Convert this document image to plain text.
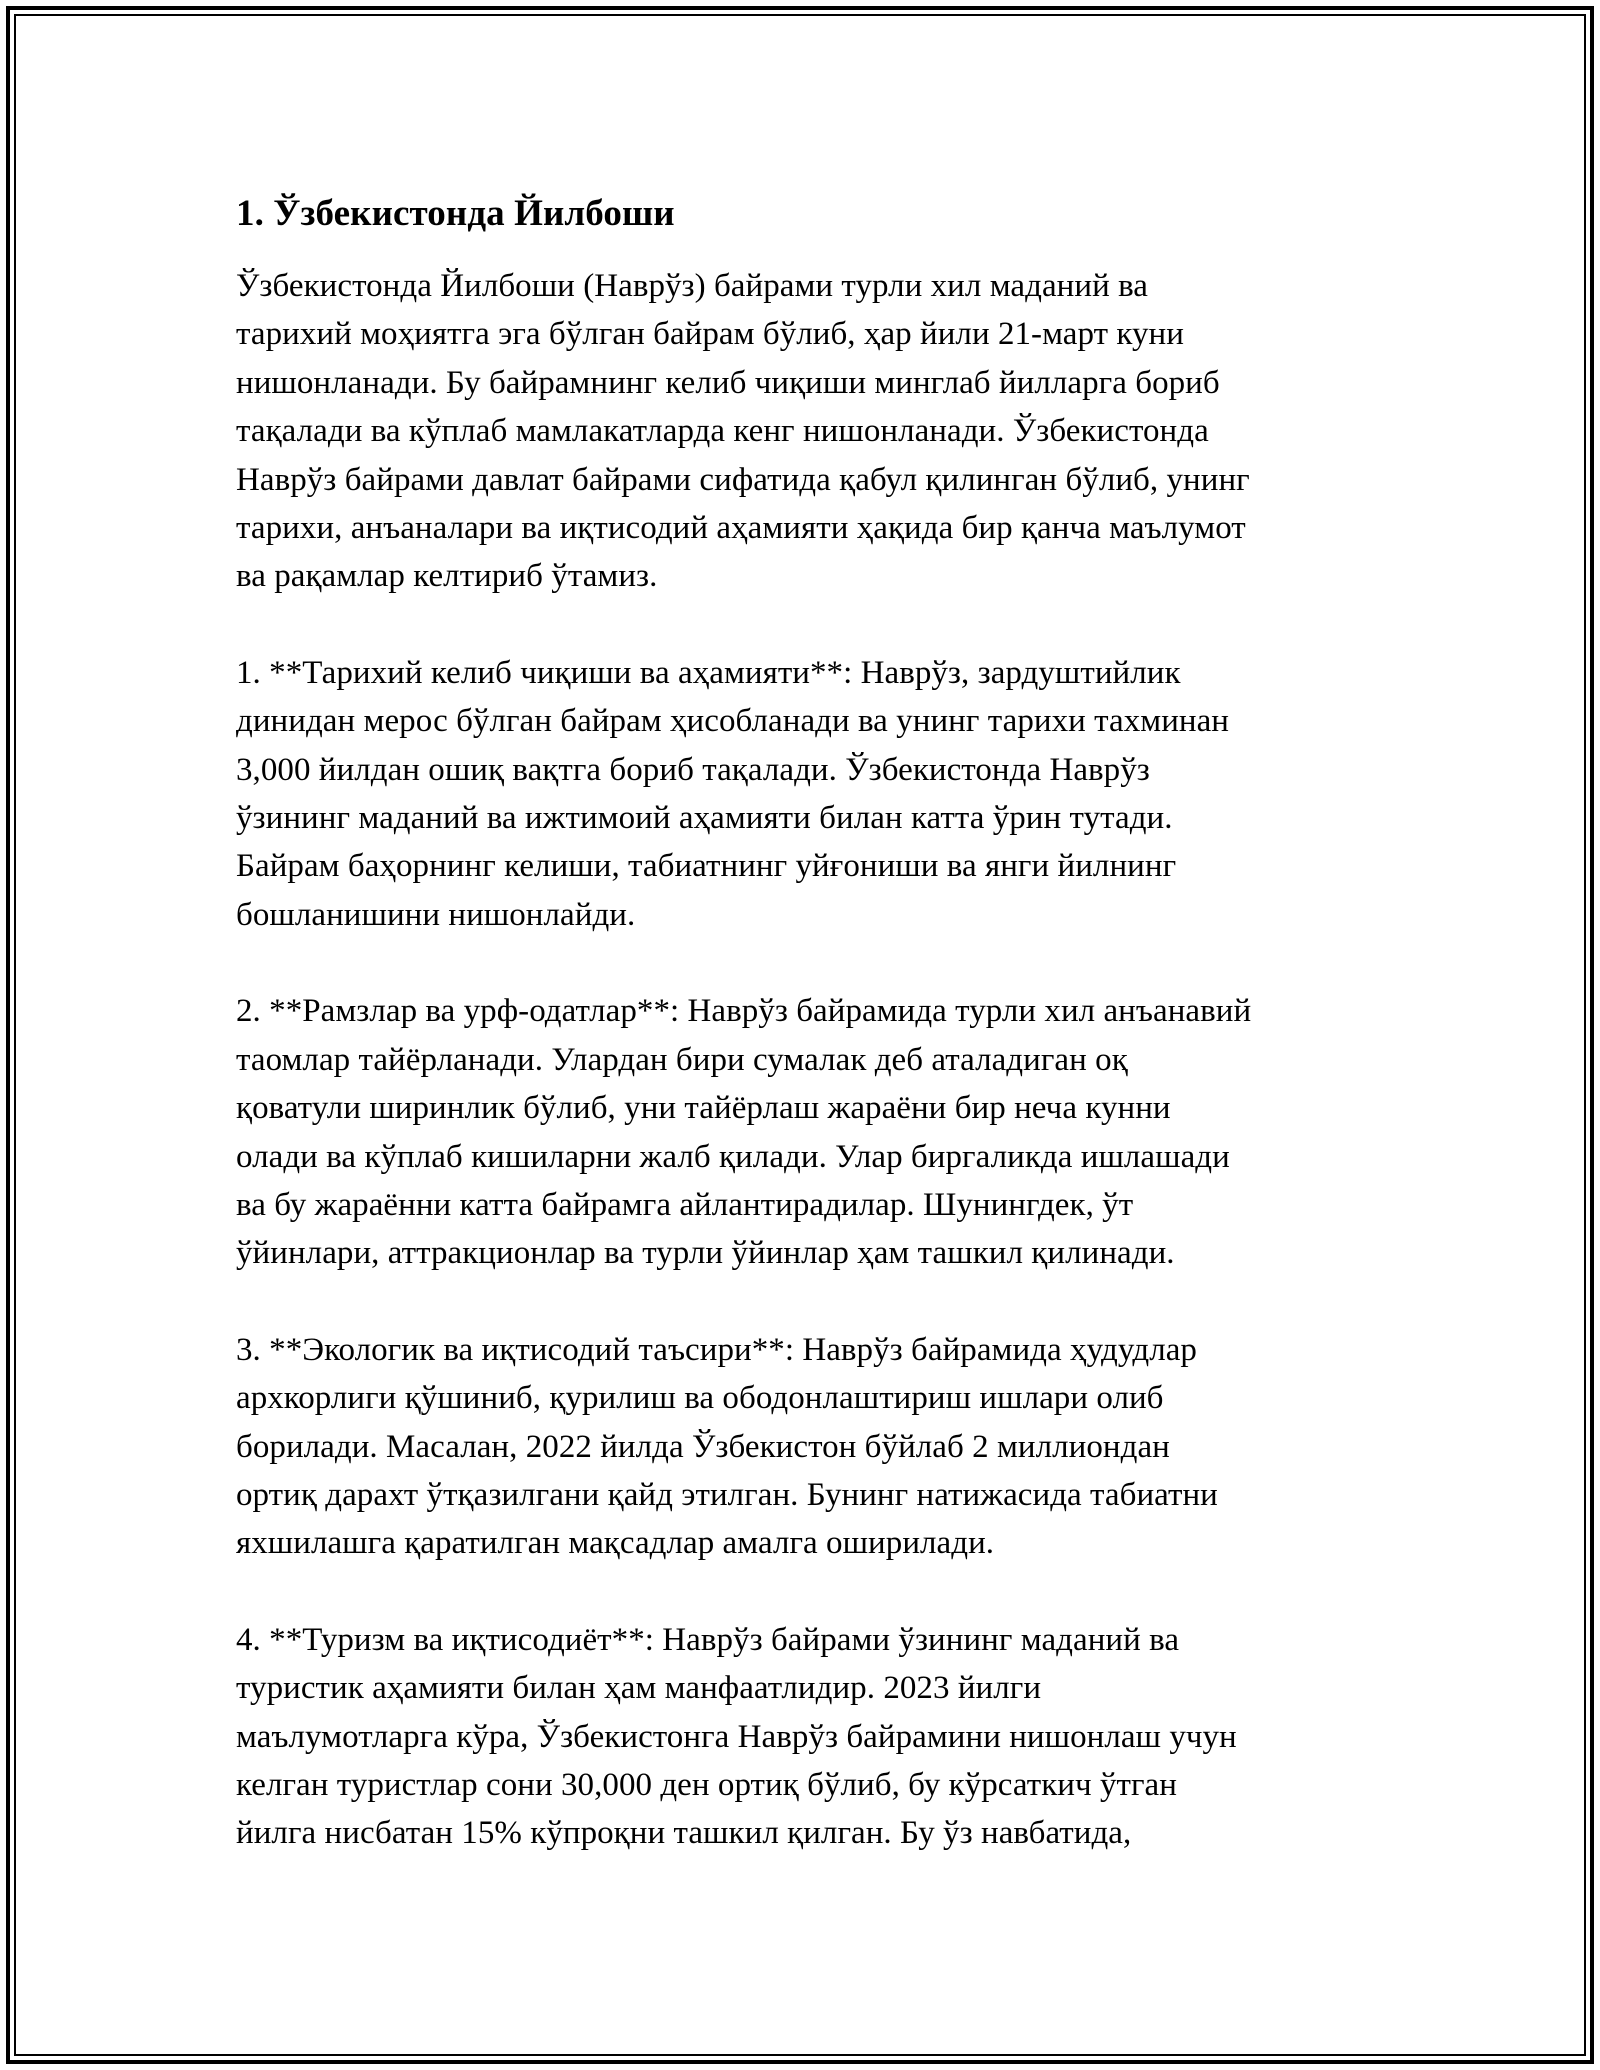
1. Ўзбекистонда Йилбоши
Ўзбекистонда Йилбоши (Наврўз) байрами турли хил маданий ва
тарихий моҳиятга эга бўлган байрам бўлиб, ҳар йили 21-март куни
нишонланади. Бу байрамнинг келиб чиқиши минглаб йилларга бориб
тақалади ва кўплаб мамлакатларда кенг нишонланади. Ўзбекистонда
Наврўз байрами давлат байрами сифатида қабул қилинган бўлиб, унинг
тарихи, анъаналари ва иқтисодий аҳамияти ҳақида бир қанча маълумот
ва рақамлар келтириб ўтамиз.
1. **Тарихий келиб чиқиши ва аҳамияти**: Наврўз, зардуштийлик
динидан мерос бўлган байрам ҳисобланади ва унинг тарихи тахминан
3,000 йилдан ошиқ вақтга бориб тақалади. Ўзбекистонда Наврўз
ўзининг маданий ва ижтимоий аҳамияти билан катта ўрин тутади.
Байрам баҳорнинг келиши, табиатнинг уйғониши ва янги йилнинг
бошланишини нишонлайди.
2. **Рамзлар ва урф-одатлар**: Наврўз байрамида турли хил анъанавий
таомлар тайёрланади. Улардан бири сумалак деб аталадиган оқ
қоватули ширинлик бўлиб, уни тайёрлаш жараёни бир неча кунни
олади ва кўплаб кишиларни жалб қилади. Улар биргаликда ишлашади
ва бу жараённи катта байрамга айлантирадилар. Шунингдек, ўт
ўйинлари, аттракционлар ва турли ўйинлар ҳам ташкил қилинади.
3. **Экологик ва иқтисодий таъсири**: Наврўз байрамида ҳудудлар
архкорлиги қўшиниб, қурилиш ва ободонлаштириш ишлари олиб
борилади. Масалан, 2022 йилда Ўзбекистон бўйлаб 2 миллиондан
ортиқ дарахт ўтқазилгани қайд этилган. Бунинг натижасида табиатни
яхшилашга қаратилган мақсадлар амалга оширилади.
4. **Туризм ва иқтисодиёт**: Наврўз байрами ўзининг маданий ва
туристик аҳамияти билан ҳам манфаатлидир. 2023 йилги
маълумотларга кўра, Ўзбекистонга Наврўз байрамини нишонлаш учун
келган туристлар сони 30,000 ден ортиқ бўлиб, бу кўрсаткич ўтган
йилга нисбатан 15% кўпроқни ташкил қилган. Бу ўз навбатида,
